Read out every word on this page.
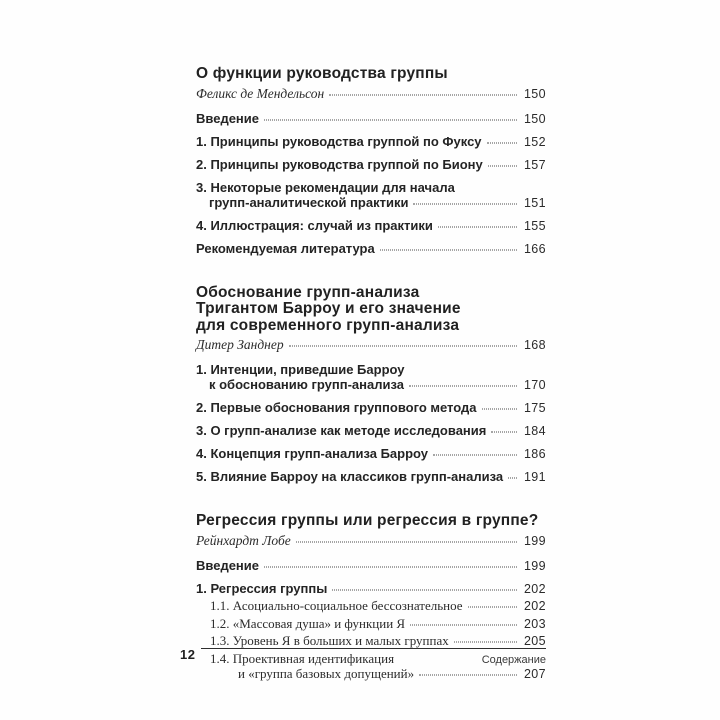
О функции руководства группы
Феликс де Мендельсон	150
Введение	150
1. Принципы руководства группой по Фуксу	152
2. Принципы руководства группой по Биону	157
3. Некоторые рекомендации для начала
групп-аналитической практики	151
4. Иллюстрация: случай из практики	155
Рекомендуемая литература	166
Обоснование групп-анализа
Тригантом Барроу и его значение
для современного групп-анализа
Дитер Занднер	168
1. Интенции, приведшие Барроу
к обоснованию групп-анализа	170
2. Первые обоснования группового метода	175
3. О групп-анализе как методе исследования	184
4. Концепция групп-анализа Барроу	186
5. Влияние Барроу на классиков групп-анализа	191
Регрессия группы или регрессия в группе?
Рейнхардт Лобе	199
Введение	199
1. Регрессия группы	202
1.1. Асоциально-социальное бессознательное	202
1.2. «Массовая душа» и функции Я	203
1.3. Уровень Я в больших и малых группах	205
1.4. Проективная идентификация
и «группа базовых допущений»	207
12	Содержание
